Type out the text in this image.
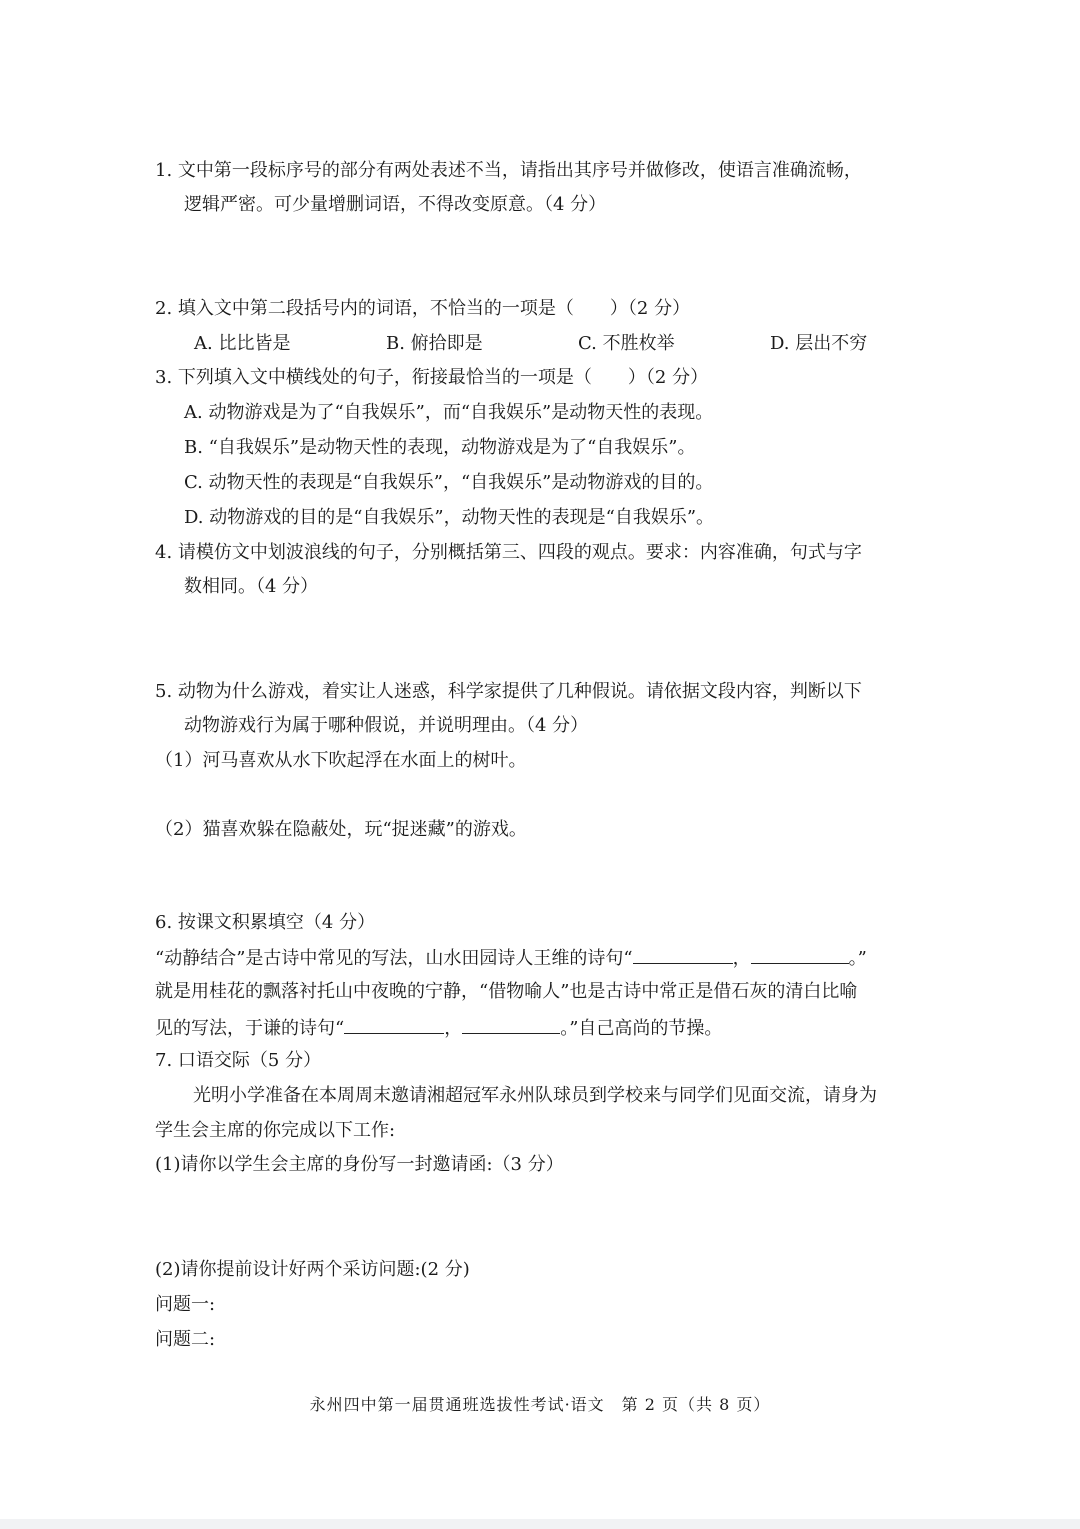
1. 文中第一段标序号的部分有两处表述不当，请指出其序号并做修改，使语言准确流畅，
逻辑严密。可少量增删词语，不得改变原意。（4 分）
2. 填入文中第二段括号内的词语，不恰当的一项是（　　）（2 分）
A. 比比皆是	B. 俯拾即是	C. 不胜枚举	D. 层出不穷
3. 下列填入文中横线处的句子，衔接最恰当的一项是（　　）（2 分）
A. 动物游戏是为了“自我娱乐”，而“自我娱乐”是动物天性的表现。
B. “自我娱乐”是动物天性的表现，动物游戏是为了“自我娱乐”。
C. 动物天性的表现是“自我娱乐”，“自我娱乐”是动物游戏的目的。
D. 动物游戏的目的是“自我娱乐”，动物天性的表现是“自我娱乐”。
4. 请模仿文中划波浪线的句子，分别概括第三、四段的观点。要求：内容准确，句式与字
数相同。（4 分）
5. 动物为什么游戏，着实让人迷惑，科学家提供了几种假说。请依据文段内容，判断以下
动物游戏行为属于哪种假说，并说明理由。（4 分）
（1）河马喜欢从水下吹起浮在水面上的树叶。
（2）猫喜欢躲在隐蔽处，玩“捉迷藏”的游戏。
6. 按课文积累填空（4 分）
“动静结合”是古诗中常见的写法，山水田园诗人王维的诗句“	，	。”
就是用桂花的飘落衬托山中夜晚的宁静，“借物喻人”也是古诗中常正是借石灰的清白比喻
见的写法，于谦的诗句“	，	。”自己高尚的节操。
7. 口语交际（5 分）
光明小学准备在本周周末邀请湘超冠军永州队球员到学校来与同学们见面交流，请身为
学生会主席的你完成以下工作:
(1)请你以学生会主席的身份写一封邀请函:（3 分）
(2)请你提前设计好两个采访问题:(2 分)
问题一:
问题二:
永州四中第一届贯通班选拔性考试·语文　第 2 页（共 8 页）
